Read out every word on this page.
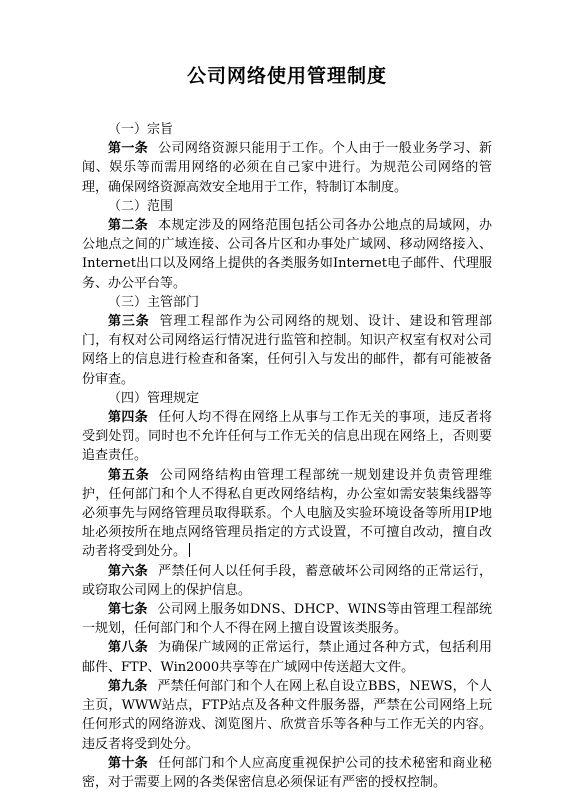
公司网络使用管理制度

（一）宗旨

第一条 公司网络资源只能用于工作。个人由于一般业务学习、新闻、娱乐等而需用网络的必须在自己家中进行。为规范公司网络的管理，确保网络资源高效安全地用于工作，特制订本制度。

（二）范围

第二条 本规定涉及的网络范围包括公司各办公地点的局域网，办公地点之间的广域连接、公司各片区和办事处广域网、移动网络接入、Internet出口以及网络上提供的各类服务如Internet电子邮件、代理服务、办公平台等。

（三）主管部门

第三条 管理工程部作为公司网络的规划、设计、建设和管理部门，有权对公司网络运行情况进行监管和控制。知识产权室有权对公司网络上的信息进行检查和备案，任何引入与发出的邮件，都有可能被备份审查。

（四）管理规定

第四条 任何人均不得在网络上从事与工作无关的事项，违反者将受到处罚。同时也不允许任何与工作无关的信息出现在网络上，否则要追查责任。

第五条 公司网络结构由管理工程部统一规划建设并负责管理维护，任何部门和个人不得私自更改网络结构，办公室如需安装集线器等必须事先与网络管理员取得联系。个人电脑及实验环境设备等所用IP地址必须按所在地点网络管理员指定的方式设置，不可擅自改动，擅自改动者将受到处分。

第六条 严禁任何人以任何手段，蓄意破坏公司网络的正常运行，或窃取公司网上的保护信息。

第七条 公司网上服务如DNS、DHCP、WINS等由管理工程部统一规划，任何部门和个人不得在网上擅自设置该类服务。

第八条 为确保广域网的正常运行，禁止通过各种方式，包括利用邮件、FTP、Win2000共享等在广域网中传送超大文件。

第九条 严禁任何部门和个人在网上私自设立BBS，NEWS，个人主页，WWW站点，FTP站点及各种文件服务器，严禁在公司网络上玩任何形式的网络游戏、浏览图片、欣赏音乐等各种与工作无关的内容。违反者将受到处分。

第十条 任何部门和个人应高度重视保护公司的技术秘密和商业秘密，对于需要上网的各类保密信息必须保证有严密的授权控制。
